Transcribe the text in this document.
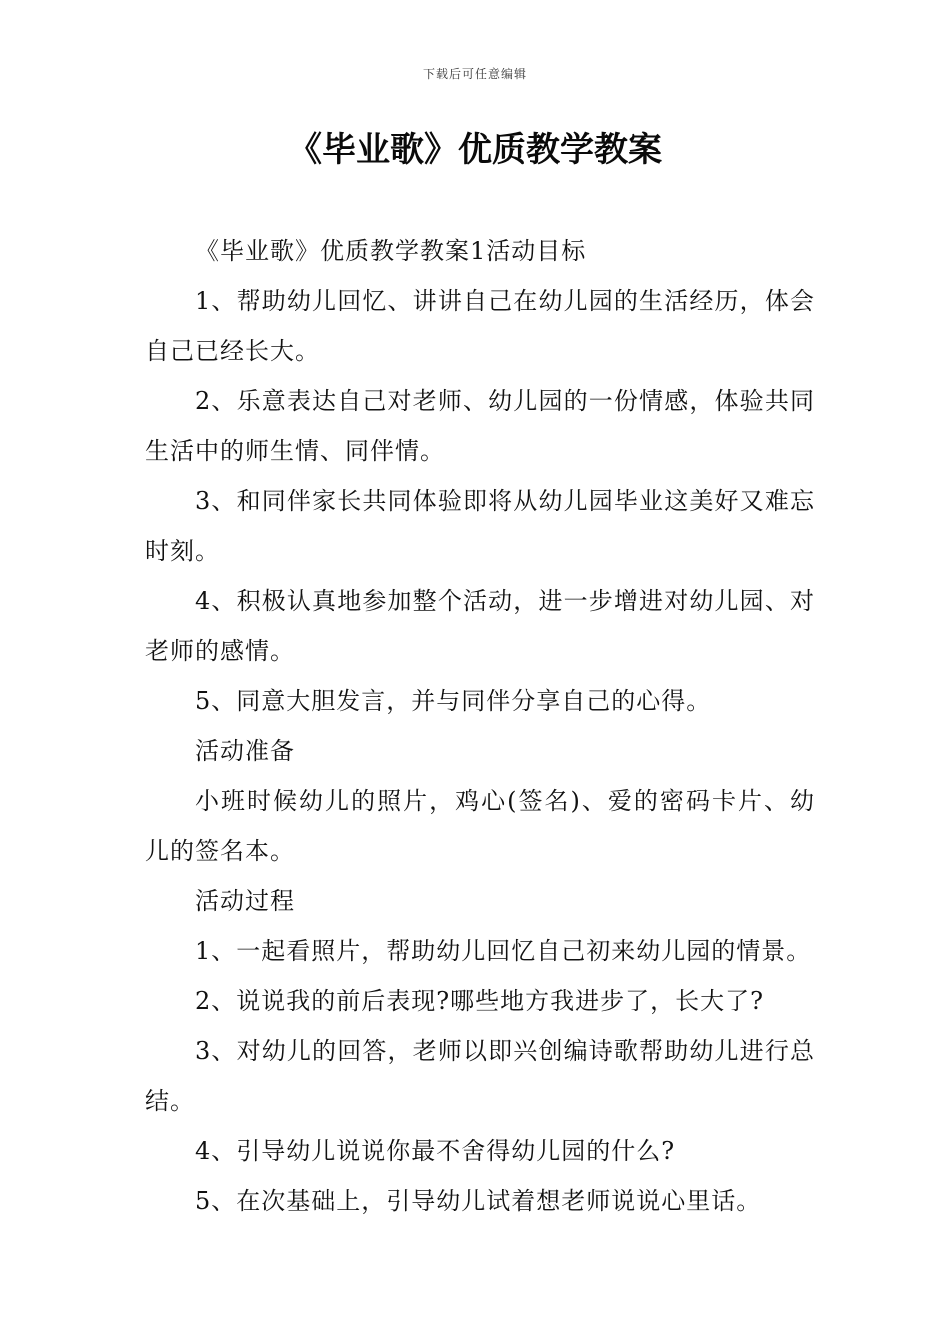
下载后可任意编辑
《毕业歌》优质教学教案

《毕业歌》优质教学教案1活动目标

1、帮助幼儿回忆、讲讲自己在幼儿园的生活经历，体会自己已经长大。

2、乐意表达自己对老师、幼儿园的一份情感，体验共同生活中的师生情、同伴情。

3、和同伴家长共同体验即将从幼儿园毕业这美好又难忘时刻。

4、积极认真地参加整个活动，进一步增进对幼儿园、对老师的感情。

5、同意大胆发言，并与同伴分享自己的心得。

活动准备

小班时候幼儿的照片，鸡心(签名)、爱的密码卡片、幼儿的签名本。

活动过程

1、一起看照片，帮助幼儿回忆自己初来幼儿园的情景。

2、说说我的前后表现?哪些地方我进步了，长大了?

3、对幼儿的回答，老师以即兴创编诗歌帮助幼儿进行总结。

4、引导幼儿说说你最不舍得幼儿园的什么?

5、在次基础上，引导幼儿试着想老师说说心里话。
